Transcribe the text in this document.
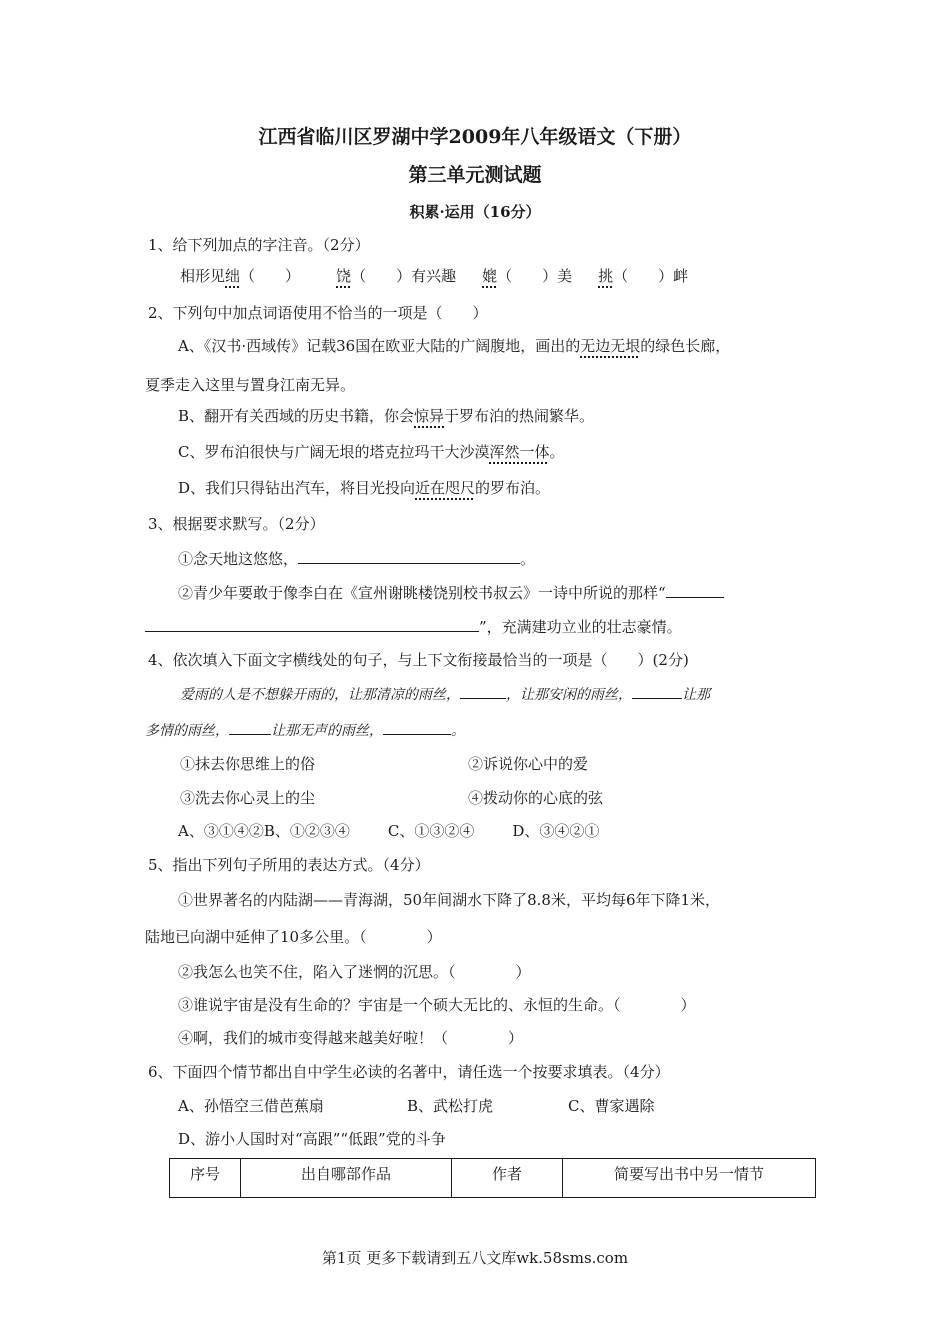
江西省临川区罗湖中学2009年八年级语文（下册）
第三单元测试题
积累·运用（16分）
1、给下列加点的字注音。（2分）
相形见绌（　　） 饶（　　）有兴趣 媲（　　）美 挑（　　）衅
2、下列句中加点词语使用不恰当的一项是（　　）
A、《汉书·西域传》记载36国在欧亚大陆的广阔腹地，画出的无边无垠的绿色长廊，
夏季走入这里与置身江南无异。
B、翻开有关西域的历史书籍，你会惊异于罗布泊的热闹繁华。
C、罗布泊很快与广阔无垠的塔克拉玛干大沙漠浑然一体。
D、我们只得钻出汽车，将目光投向近在咫尺的罗布泊。
3、根据要求默写。（2分）
①念天地这悠悠，	。
②青少年要敢于像李白在《宣州谢眺楼饶别校书叔云》一诗中所说的那样“
”，充满建功立业的壮志豪情。
4、依次填入下面文字横线处的句子，与上下文衔接最恰当的一项是（　　）(2分)
爱雨的人是不想躲开雨的，让那清凉的雨丝，	，让那安闲的雨丝，	让那
多情的雨丝，	让那无声的雨丝，	。
①抹去你思维上的俗	②诉说你心中的爱
③洗去你心灵上的尘	④拨动你的心底的弦
A、③①④②B、①②③④	C、①③②④	D、③④②①
5、指出下列句子所用的表达方式。（4分）
①世界著名的内陆湖——青海湖，50年间湖水下降了8.8米，平均每6年下降1米，
陆地已向湖中延伸了10多公里。（　　　　）
②我怎么也笑不住，陷入了迷惘的沉思。（　　　　）
③谁说宇宙是没有生命的？宇宙是一个硕大无比的、永恒的生命。（　　　　）
④啊，我们的城市变得越来越美好啦！（　　　　）
6、下面四个情节都出自中学生必读的名著中，请任选一个按要求填表。（4分）
A、孙悟空三借芭蕉扇	B、武松打虎	C、曹家遇除
D、游小人国时对“高跟”“低跟”党的斗争
序号	出自哪部作品	作者	简要写出书中另一情节
第1页 更多下载请到五八文库wk.58sms.com
